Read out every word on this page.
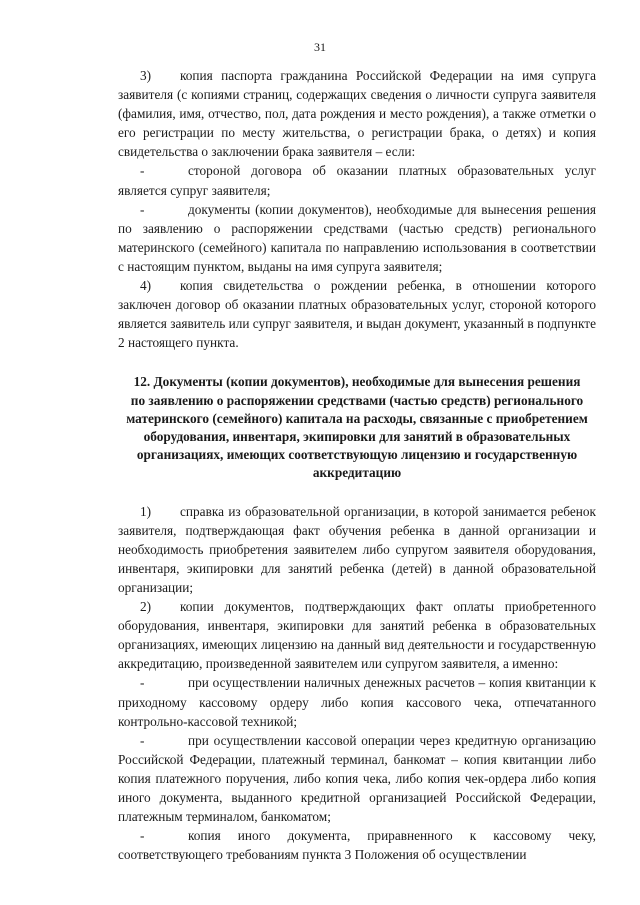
31

3) копия паспорта гражданина Российской Федерации на имя супруга заявителя (с копиями страниц, содержащих сведения о личности супруга заявителя (фамилия, имя, отчество, пол, дата рождения и место рождения), а также отметки о его регистрации по месту жительства, о регистрации брака, о детях) и копия свидетельства о заключении брака заявителя – если:

-	стороной договора об оказании платных образовательных услуг является супруг заявителя;

-	документы (копии документов), необходимые для вынесения решения по заявлению о распоряжении средствами (частью средств) регионального материнского (семейного) капитала по направлению использования в соответствии с настоящим пунктом, выданы на имя супруга заявителя;

4) копия свидетельства о рождении ребенка, в отношении которого заключен договор об оказании платных образовательных услуг, стороной которого является заявитель или супруг заявителя, и выдан документ, указанный в подпункте 2 настоящего пункта.

12. Документы (копии документов), необходимые для вынесения решения по заявлению о распоряжении средствами (частью средств) регионального материнского (семейного) капитала на расходы, связанные с приобретением оборудования, инвентаря, экипировки для занятий в образовательных организациях, имеющих соответствующую лицензию и государственную аккредитацию

1) справка из образовательной организации, в которой занимается ребенок заявителя, подтверждающая факт обучения ребенка в данной организации и необходимость приобретения заявителем либо супругом заявителя оборудования, инвентаря, экипировки для занятий ребенка (детей) в данной образовательной организации;

2) копии документов, подтверждающих факт оплаты приобретенного оборудования, инвентаря, экипировки для занятий ребенка в образовательных организациях, имеющих лицензию на данный вид деятельности и государственную аккредитацию, произведенной заявителем или супругом заявителя, а именно:

-	при осуществлении наличных денежных расчетов – копия квитанции к приходному кассовому ордеру либо копия кассового чека, отпечатанного контрольно-кассовой техникой;

-	при осуществлении кассовой операции через кредитную организацию Российской Федерации, платежный терминал, банкомат – копия квитанции либо копия платежного поручения, либо копия чека, либо копия чек-ордера либо копия иного документа, выданного кредитной организацией Российской Федерации, платежным терминалом, банкоматом;

-	копия иного документа, приравненного к кассовому чеку, соответствующего требованиям пункта 3 Положения об осуществлении
